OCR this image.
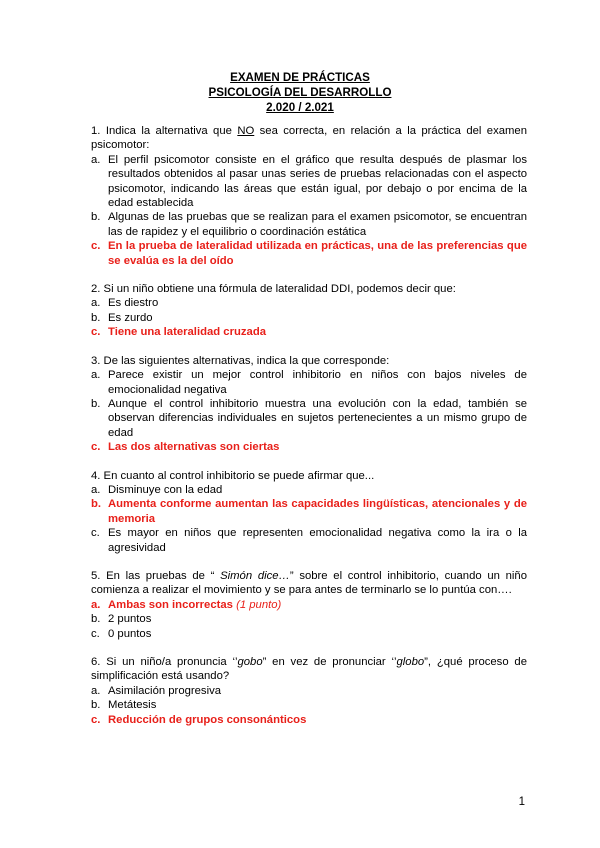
EXAMEN DE PRÁCTICAS
PSICOLOGÍA DEL DESARROLLO
2.020 / 2.021
1. Indica la alternativa que NO sea correcta, en relación a la práctica del examen psicomotor:
a. El perfil psicomotor consiste en el gráfico que resulta después de plasmar los resultados obtenidos al pasar unas series de pruebas relacionadas con el aspecto psicomotor, indicando las áreas que están igual, por debajo o por encima de la edad establecida
b. Algunas de las pruebas que se realizan para el examen psicomotor, se encuentran las de rapidez y el equilibrio o coordinación estática
c. En la prueba de lateralidad utilizada en prácticas, una de las preferencias que se evalúa es la del oído
2. Si un niño obtiene una fórmula de lateralidad DDI, podemos decir que:
a. Es diestro
b. Es zurdo
c. Tiene una lateralidad cruzada
3. De las siguientes alternativas, indica la que corresponde:
a. Parece existir un mejor control inhibitorio en niños con bajos niveles de emocionalidad negativa
b. Aunque el control inhibitorio muestra una evolución con la edad, también se observan diferencias individuales en sujetos pertenecientes a un mismo grupo de edad
c. Las dos alternativas son ciertas
4. En cuanto al control inhibitorio se puede afirmar que...
a. Disminuye con la edad
b. Aumenta conforme aumentan las capacidades lingüísticas, atencionales y de memoria
c. Es mayor en niños que representen emocionalidad negativa como la ira o la agresividad
5. En las pruebas de “ Simón dice…” sobre el control inhibitorio, cuando un niño comienza a realizar el movimiento y se para antes de terminarlo se lo puntúa con….
a. Ambas son incorrectas (1 punto)
b. 2 puntos
c. 0 puntos
6. Si un niño/a pronuncia ‘’gobo” en vez de pronunciar ‘’globo”, ¿qué proceso de simplificación está usando?
a. Asimilación progresiva
b. Metátesis
c. Reducción de grupos consonánticos
1
